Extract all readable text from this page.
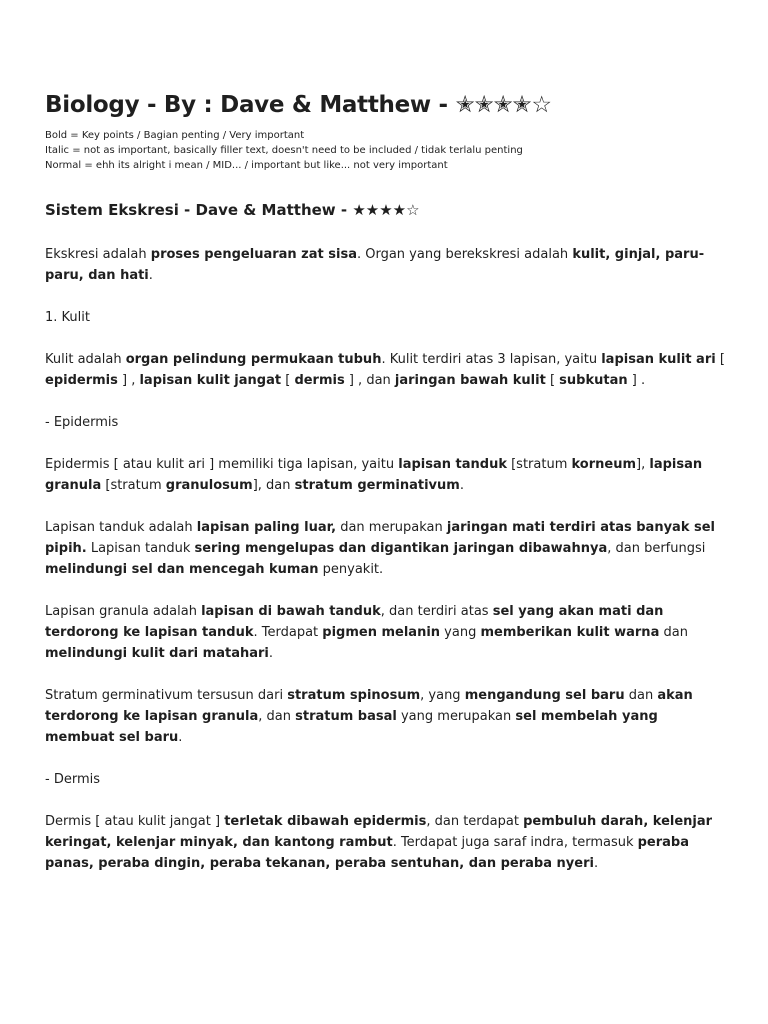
Biology - By : Dave & Matthew - ✭✭✭✭☆

Bold = Key points / Bagian penting / Very important

Italic = not as important, basically filler text, doesn't need to be included / tidak terlalu penting

Normal = ehh its alright i mean / MID... / important but like... not very important

Sistem Ekskresi - Dave & Matthew - ★★★★☆

Ekskresi adalah proses pengeluaran zat sisa. Organ yang berekskresi adalah kulit, ginjal, paru-paru, dan hati.

1. Kulit

Kulit adalah organ pelindung permukaan tubuh. Kulit terdiri atas 3 lapisan, yaitu lapisan kulit ari [ epidermis ] , lapisan kulit jangat [ dermis ] , dan jaringan bawah kulit [ subkutan ] .

- Epidermis

Epidermis [ atau kulit ari ] memiliki tiga lapisan, yaitu lapisan tanduk [stratum korneum], lapisan granula [stratum granulosum], dan stratum germinativum.

Lapisan tanduk adalah lapisan paling luar, dan merupakan jaringan mati terdiri atas banyak sel pipih. Lapisan tanduk sering mengelupas dan digantikan jaringan dibawahnya, dan berfungsi melindungi sel dan mencegah kuman penyakit.

Lapisan granula adalah lapisan di bawah tanduk, dan terdiri atas sel yang akan mati dan terdorong ke lapisan tanduk. Terdapat pigmen melanin yang memberikan kulit warna dan melindungi kulit dari matahari.

Stratum germinativum tersusun dari stratum spinosum, yang mengandung sel baru dan akan terdorong ke lapisan granula, dan stratum basal yang merupakan sel membelah yang membuat sel baru.

- Dermis

Dermis [ atau kulit jangat ] terletak dibawah epidermis, dan terdapat pembuluh darah, kelenjar keringat, kelenjar minyak, dan kantong rambut. Terdapat juga saraf indra, termasuk peraba panas, peraba dingin, peraba tekanan, peraba sentuhan, dan peraba nyeri.
